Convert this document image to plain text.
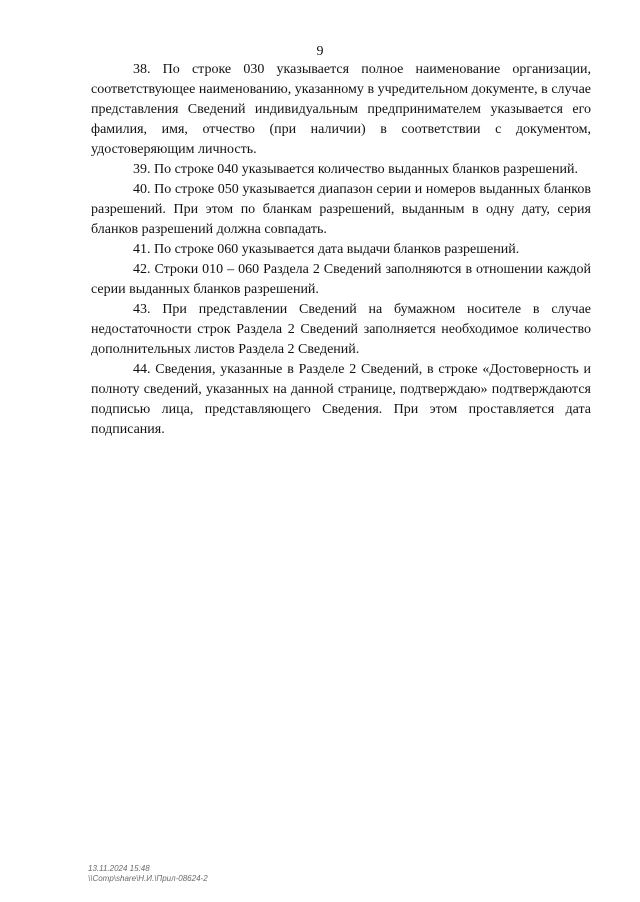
9

38. По строке 030 указывается полное наименование организации, соответствующее наименованию, указанному в учредительном документе, в случае представления Сведений индивидуальным предпринимателем указывается его фамилия, имя, отчество (при наличии) в соответствии с документом, удостоверяющим личность.

39. По строке 040 указывается количество выданных бланков разрешений.

40. По строке 050 указывается диапазон серии и номеров выданных бланков разрешений. При этом по бланкам разрешений, выданным в одну дату, серия бланков разрешений должна совпадать.

41. По строке 060 указывается дата выдачи бланков разрешений.

42. Строки 010 – 060 Раздела 2 Сведений заполняются в отношении каждой серии выданных бланков разрешений.

43. При представлении Сведений на бумажном носителе в случае недостаточности строк Раздела 2 Сведений заполняется необходимое количество дополнительных листов Раздела 2 Сведений.

44. Сведения, указанные в Разделе 2 Сведений, в строке «Достоверность и полноту сведений, указанных на данной странице, подтверждаю» подтверждаются подписью лица, представляющего Сведения. При этом проставляется дата подписания.

13.11.2024 15:48
\\Comp\share\Н.И.\Прил-08624-2
